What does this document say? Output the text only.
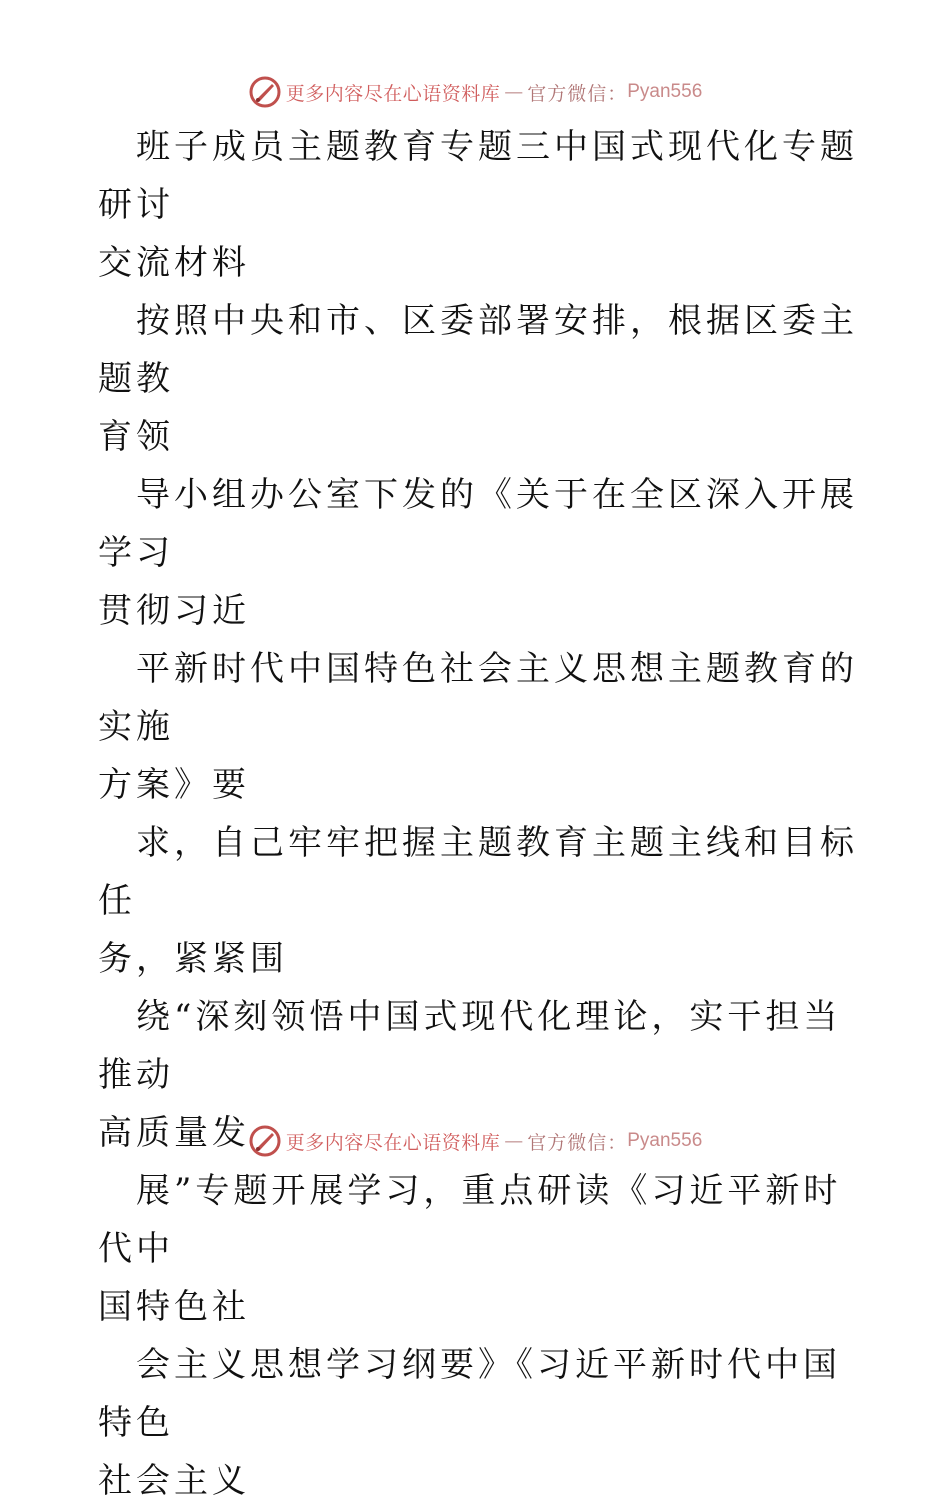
更多内容尽在心语资料库 — 官方微信： Pyan556

班子成员主题教育专题三中国式现代化专题研讨
交流材料

按照中央和市、区委部署安排，根据区委主题教
育领

导小组办公室下发的《关于在全区深入开展学习
贯彻习近

平新时代中国特色社会主义思想主题教育的实施
方案》要

求，自己牢牢把握主题教育主题主线和目标任
务，紧紧围

绕“深刻领悟中国式现代化理论，实干担当推动
高质量发

展”专题开展学习，重点研读《习近平新时代中
国特色社

会主义思想学习纲要》《习近平新时代中国特色
社会主义

更多内容尽在心语资料库 — 官方微信： Pyan556
